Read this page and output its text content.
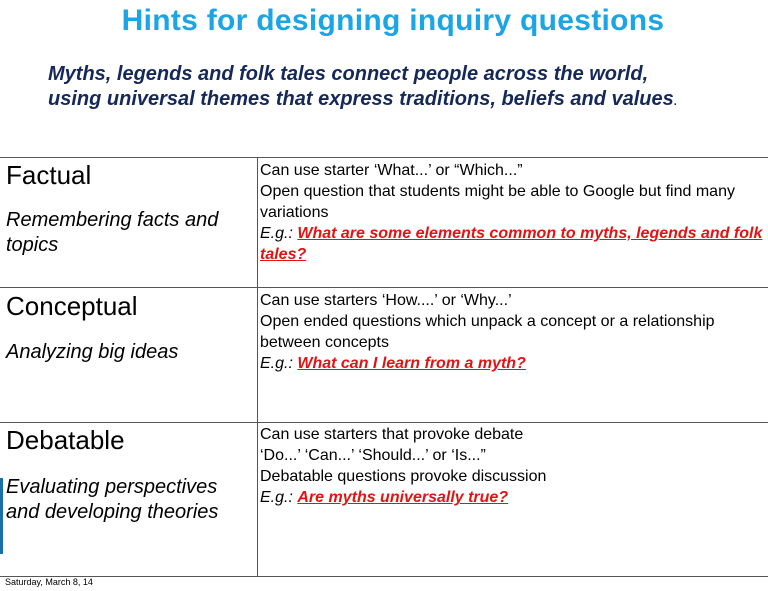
Hints for designing inquiry questions
Myths, legends and folk tales connect people across the world, using universal themes that express traditions, beliefs and values.
Factual
Remembering facts and topics
Can use starter ‘What...’ or “Which...”
Open question that students might be able to Google but find many variations
E.g.: What are some elements common to myths, legends and folk tales?
Conceptual
Analyzing big ideas
Can use starters ‘How....’ or ‘Why...’
Open ended questions which unpack a concept or a relationship between concepts
E.g.: What can I learn from a myth?
Debatable
Evaluating perspectives and developing theories
Can use starters that provoke debate
‘Do...’ ‘Can...’ ‘Should...’ or ‘Is...”
Debatable questions provoke discussion
E.g.: Are myths universally true?
Saturday, March 8, 14
